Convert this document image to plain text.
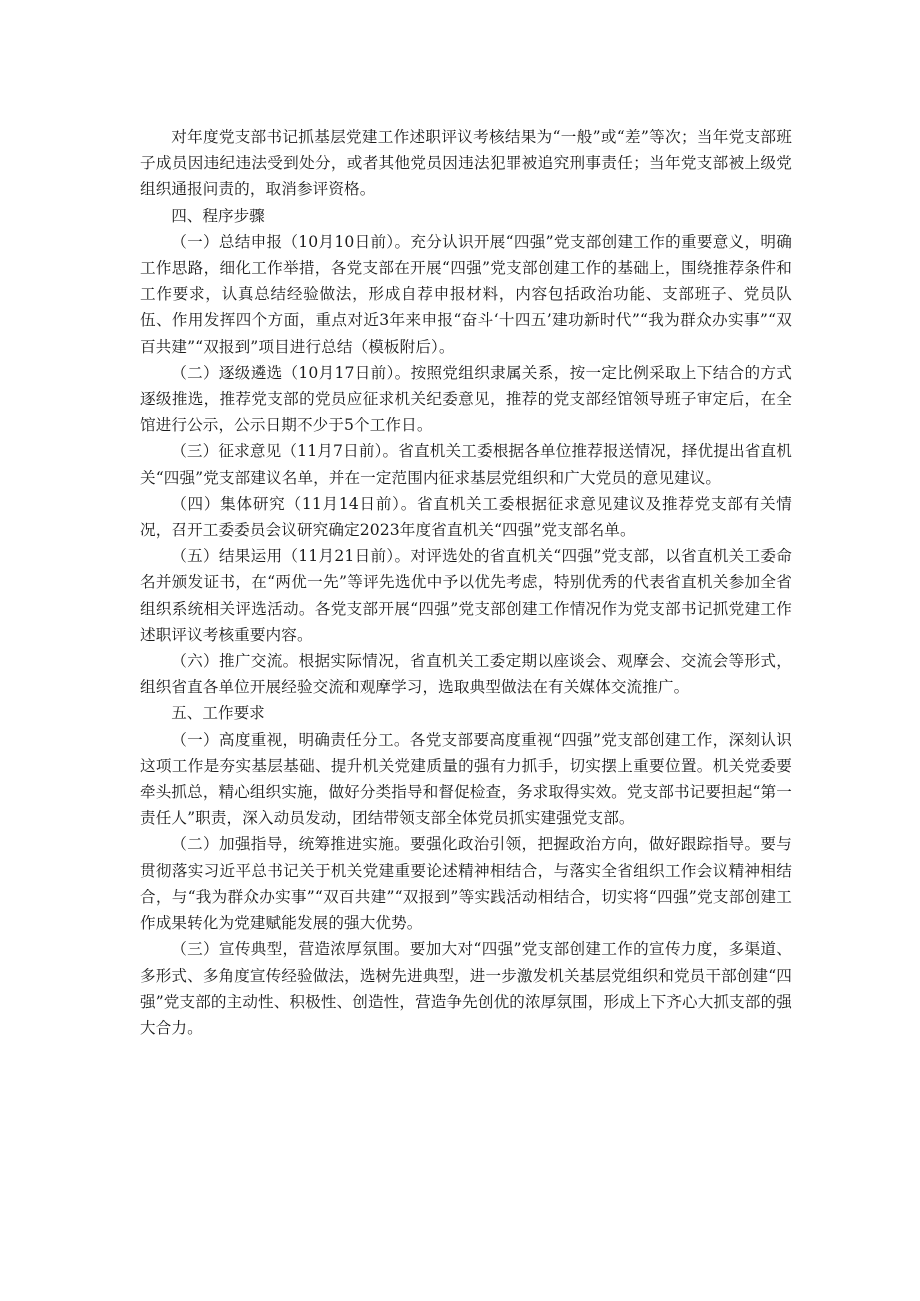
对年度党支部书记抓基层党建工作述职评议考核结果为“一般”或“差”等次；当年党支部班子成员因违纪违法受到处分，或者其他党员因违法犯罪被追究刑事责任；当年党支部被上级党组织通报问责的，取消参评资格。

四、程序步骤

（一）总结申报（10月10日前）。充分认识开展“四强”党支部创建工作的重要意义，明确工作思路，细化工作举措，各党支部在开展“四强”党支部创建工作的基础上，围绕推荐条件和工作要求，认真总结经验做法，形成自荐申报材料，内容包括政治功能、支部班子、党员队伍、作用发挥四个方面，重点对近3年来申报“奋斗‘十四五’建功新时代”“我为群众办实事”“双百共建”“双报到”项目进行总结（模板附后）。

（二）逐级遴选（10月17日前）。按照党组织隶属关系，按一定比例采取上下结合的方式逐级推选，推荐党支部的党员应征求机关纪委意见，推荐的党支部经馆领导班子审定后，在全馆进行公示，公示日期不少于5个工作日。

（三）征求意见（11月7日前）。省直机关工委根据各单位推荐报送情况，择优提出省直机关“四强”党支部建议名单，并在一定范围内征求基层党组织和广大党员的意见建议。

（四）集体研究（11月14日前）。省直机关工委根据征求意见建议及推荐党支部有关情况，召开工委委员会议研究确定2023年度省直机关“四强”党支部名单。

（五）结果运用（11月21日前）。对评选处的省直机关“四强”党支部，以省直机关工委命名并颁发证书，在“两优一先”等评先选优中予以优先考虑，特别优秀的代表省直机关参加全省组织系统相关评选活动。各党支部开展“四强”党支部创建工作情况作为党支部书记抓党建工作述职评议考核重要内容。

（六）推广交流。根据实际情况，省直机关工委定期以座谈会、观摩会、交流会等形式，组织省直各单位开展经验交流和观摩学习，选取典型做法在有关媒体交流推广。

五、工作要求

（一）高度重视，明确责任分工。各党支部要高度重视“四强”党支部创建工作，深刻认识这项工作是夯实基层基础、提升机关党建质量的强有力抓手，切实摆上重要位置。机关党委要牵头抓总，精心组织实施，做好分类指导和督促检查，务求取得实效。党支部书记要担起“第一责任人”职责，深入动员发动，团结带领支部全体党员抓实建强党支部。

（二）加强指导，统筹推进实施。要强化政治引领，把握政治方向，做好跟踪指导。要与贯彻落实习近平总书记关于机关党建重要论述精神相结合，与落实全省组织工作会议精神相结合，与“我为群众办实事”“双百共建”“双报到”等实践活动相结合，切实将“四强”党支部创建工作成果转化为党建赋能发展的强大优势。

（三）宣传典型，营造浓厚氛围。要加大对“四强”党支部创建工作的宣传力度，多渠道、多形式、多角度宣传经验做法，选树先进典型，进一步激发机关基层党组织和党员干部创建“四强”党支部的主动性、积极性、创造性，营造争先创优的浓厚氛围，形成上下齐心大抓支部的强大合力。
